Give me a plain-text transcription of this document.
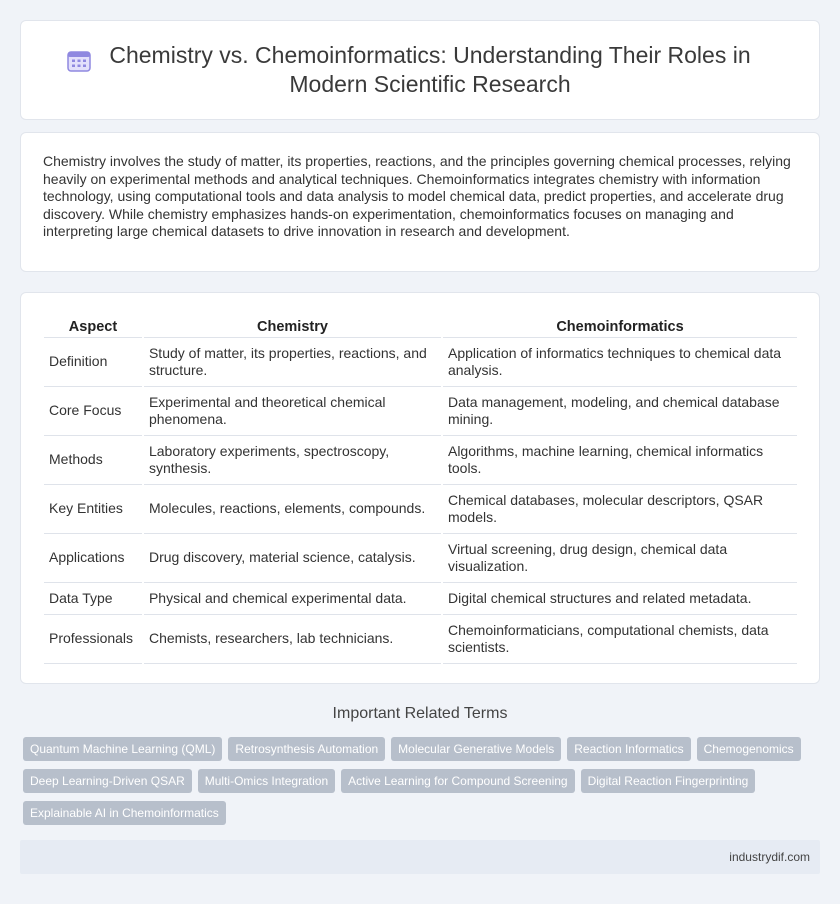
Chemistry vs. Chemoinformatics: Understanding Their Roles in Modern Scientific Research

Chemistry involves the study of matter, its properties, reactions, and the principles governing chemical processes, relying heavily on experimental methods and analytical techniques. Chemoinformatics integrates chemistry with information technology, using computational tools and data analysis to model chemical data, predict properties, and accelerate drug discovery. While chemistry emphasizes hands-on experimentation, chemoinformatics focuses on managing and interpreting large chemical datasets to drive innovation in research and development.

Aspect	Chemistry	Chemoinformatics
Definition	Study of matter, its properties, reactions, and structure.	Application of informatics techniques to chemical data analysis.
Core Focus	Experimental and theoretical chemical phenomena.	Data management, modeling, and chemical database mining.
Methods	Laboratory experiments, spectroscopy, synthesis.	Algorithms, machine learning, chemical informatics tools.
Key Entities	Molecules, reactions, elements, compounds.	Chemical databases, molecular descriptors, QSAR models.
Applications	Drug discovery, material science, catalysis.	Virtual screening, drug design, chemical data visualization.
Data Type	Physical and chemical experimental data.	Digital chemical structures and related metadata.
Professionals	Chemists, researchers, lab technicians.	Chemoinformaticians, computational chemists, data scientists.
Important Related Terms
Quantum Machine Learning (QML) Retrosynthesis Automation Molecular Generative Models Reaction Informatics Chemogenomics
Deep Learning-Driven QSAR Multi-Omics Integration Active Learning for Compound Screening Digital Reaction Fingerprinting
Explainable AI in Chemoinformatics
industrydif.com
